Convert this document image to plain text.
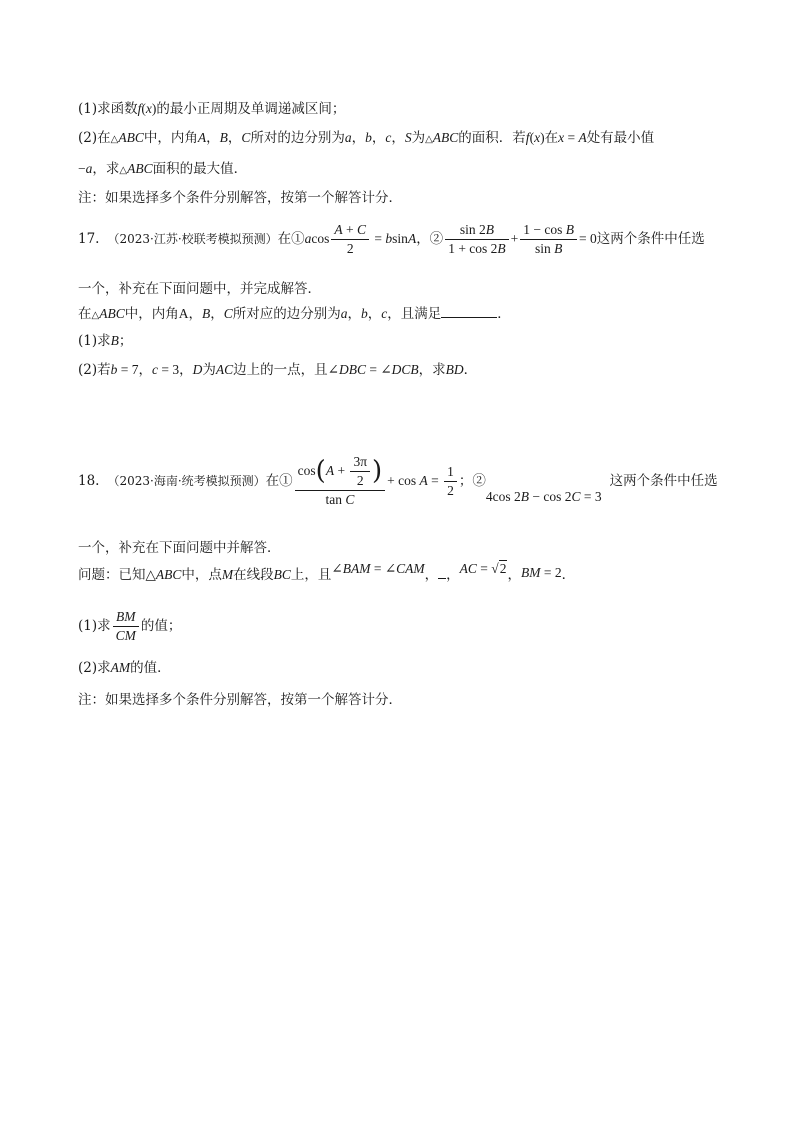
(1)求函数f(x)的最小正周期及单调递减区间；
(2)在△ABC中，内角A，B，C所对的边分别为a，b，c，S为△ABC的面积．若f(x)在x = A处有最小值
−a，求△ABC面积的最大值．
注：如果选择多个条件分别解答，按第一个解答计分．
17. （2023·江苏·校联考模拟预测）在①acos $\frac{A + C}{2} = bsinA$，② $\frac{\sin 2B}{1 + \cos 2B} + \frac{\text{1 − cos B}}{\text{sin B}} = 0$这两个条件中任选
一个，补充在下面问题中，并完成解答．
在△ABC中，内角A，B，C所对应的边分别为a，b，c，且满足	．
(1)求B；
(2)若b = 7，c = 3，D为AC边上的一点，且∠DBC = ∠DCB，求BD．
18. （2023·海南·统考模拟预测）在① $\frac{\cos(A + \frac{3\pi}{2} )}{\text{tan C}} + \cos A = \frac{1}{2}$ ；②4cos 2B − cos 2C = 3这两个条件中任选
一个，补充在下面问题中并解答．
问题：已知△ABC中，点M在线段BC上，且∠BAM = ∠CAM， ，AC = √2，BM = 2．
(1)求 $\frac{BM}{CM}$ 的值；
(2)求AM的值．
注：如果选择多个条件分别解答，按第一个解答计分．
